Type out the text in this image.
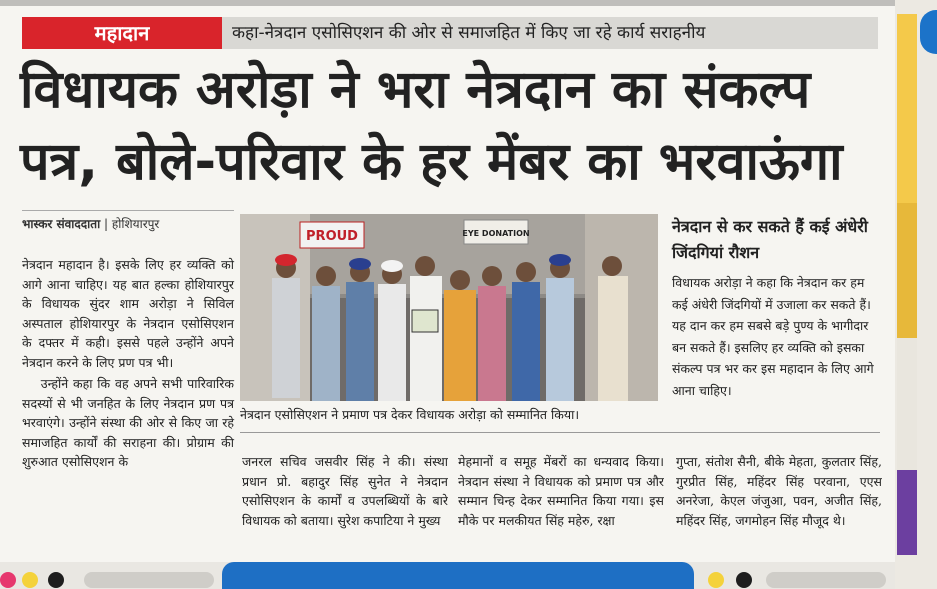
महादान	कहा-नेत्रदान एसोसिएशन की ओर से समाजहित में किए जा रहे कार्य सराहनीय
विधायक अरोड़ा ने भरा नेत्रदान का संकल्प
पत्र, बोले-परिवार के हर मेंबर का भरवाऊंगा
भास्कर संवाददाता | होशियारपुर

नेत्रदान महादान है। इसके लिए हर व्यक्ति को आगे आना चाहिए। यह बात हल्का होशियारपुर के विधायक सुंदर शाम अरोड़ा ने सिविल अस्पताल होशियारपुर के नेत्रदान एसोसिएशन के दफ्तर में कही। इससे पहले उन्होंने अपने नेत्रदान करने के लिए प्रण पत्र भी।

उन्होंने कहा कि वह अपने सभी पारिवारिक सदस्यों से भी जनहित के लिए नेत्रदान प्रण पत्र भरवाएंगे। उन्होंने संस्था की ओर से किए जा रहे समाजहित कार्यों की सराहना की। प्रोग्राम की शुरुआत एसोसिएशन के

PROUD	EYE DONATION
नेत्रदान एसोसिएशन ने प्रमाण पत्र देकर विधायक अरोड़ा को सम्मानित किया।
नेत्रदान से कर सकते हैं कई अंधेरी जिंदगियां रौशन
विधायक अरोड़ा ने कहा कि नेत्रदान कर हम कई अंधेरी जिंदगियों में उजाला कर सकते हैं। यह दान कर हम सबसे बड़े पुण्य के भागीदार बन सकते हैं। इसलिए हर व्यक्ति को इसका संकल्प पत्र भर कर इस महादान के लिए आगे आना चाहिए।
जनरल सचिव जसवीर सिंह ने की। संस्था प्रधान प्रो. बहादुर सिंह सुनेत ने नेत्रदान एसोसिएशन के कार्मों व उपलब्धियों के बारे विधायक को बताया। सुरेश कपाटिया ने मुख्य
मेहमानों व समूह मेंबरों का धन्यवाद किया। नेत्रदान संस्था ने विधायक को प्रमाण पत्र और सम्मान चिन्ह देकर सम्मानित किया गया। इस मौके पर मलकीयत सिंह महेरु, रक्षा
गुप्ता, संतोश सैनी, बीके मेहता, कुलतार सिंह, गुरप्रीत सिंह, महिंदर सिंह परवाना, एएस अनरेजा, केएल जंजुआ, पवन, अजीत सिंह, महिंदर सिंह, जगमोहन सिंह मौजूद थे।
